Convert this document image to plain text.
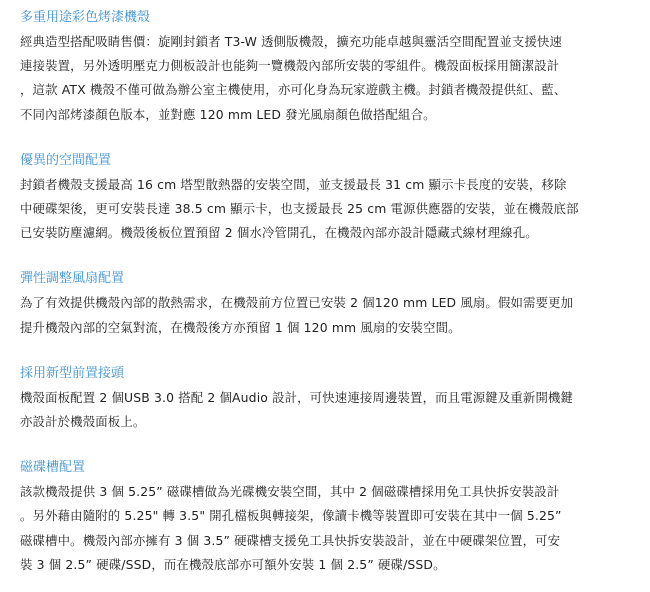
多重用途彩色烤漆機殼

經典造型搭配吸睛售價：旋剛封鎖者 T3-W 透側版機殼，擴充功能卓越與靈活空間配置並支援快速
連接裝置，另外透明壓克力側板設計也能夠一覽機殼內部所安裝的零組件。機殼面板採用簡潔設計
，這款 ATX 機殼不僅可做為辦公室主機使用，亦可化身為玩家遊戲主機。封鎖者機殼提供紅、藍、
不同內部烤漆顏色版本，並對應 120 mm LED 發光風扇顏色做搭配組合。

優異的空間配置

封鎖者機殼支援最高 16 cm 塔型散熱器的安裝空間，並支援最長 31 cm 顯示卡長度的安裝，移除
中硬碟架後，更可安裝長達 38.5 cm 顯示卡，也支援最長 25 cm 電源供應器的安裝，並在機殼底部
已安裝防塵濾網。機殼後板位置預留 2 個水冷管開孔，在機殼內部亦設計隱藏式線材理線孔。

彈性調整風扇配置

為了有效提供機殼內部的散熱需求，在機殼前方位置已安裝 2 個120 mm LED 風扇。假如需要更加
提升機殼內部的空氣對流，在機殼後方亦預留 1 個 120 mm 風扇的安裝空間。

採用新型前置接頭

機殼面板配置 2 個USB 3.0 搭配 2 個Audio 設計，可快速連接周邊裝置，而且電源鍵及重新開機鍵
亦設計於機殼面板上。

磁碟槽配置

該款機殼提供 3 個 5.25” 磁碟槽做為光碟機安裝空間，其中 2 個磁碟槽採用免工具快拆安裝設計
。另外藉由隨附的 5.25" 轉 3.5" 開孔檔板與轉接架，像讀卡機等裝置即可安裝在其中一個 5.25”
磁碟槽中。機殼內部亦擁有 3 個 3.5” 硬碟槽支援免工具快拆安裝設計，並在中硬碟架位置，可安
裝 3 個 2.5” 硬碟/SSD，而在機殼底部亦可額外安裝 1 個 2.5” 硬碟/SSD。
